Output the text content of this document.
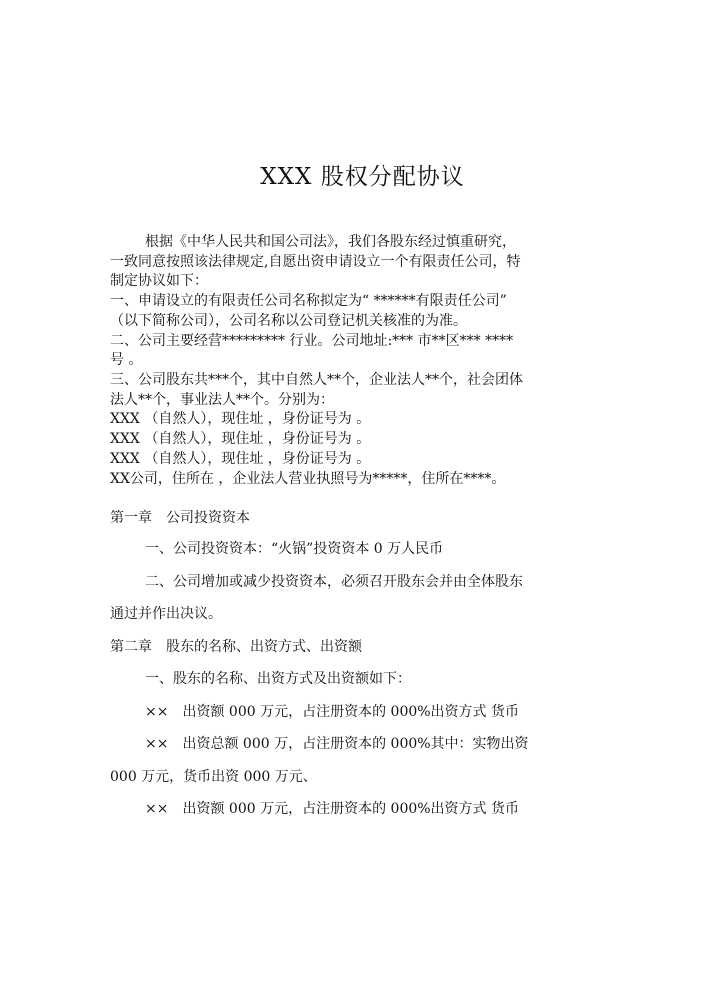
XXX 股权分配协议
根据《中华人民共和国公司法》，我们各股东经过慎重研究，
一致同意按照该法律规定,自愿出资申请设立一个有限责任公司，特
制定协议如下：
一、申请设立的有限责任公司名称拟定为“ ******有限责任公司”
（以下简称公司），公司名称以公司登记机关核准的为准。
二、公司主要经营********* 行业。公司地址:*** 市**区*** ****
号 。
三、公司股东共***个，其中自然人**个，企业法人**个，社会团体
法人**个，事业法人**个。分别为：
XXX （自然人），现住址 ，身份证号为 。
XXX （自然人），现住址 ，身份证号为 。
XXX （自然人），现住址 ，身份证号为 。
XX公司，住所在 ，企业法人营业执照号为*****，住所在****。
第一章　公司投资资本
一、公司投资资本：“火锅”投资资本 0 万人民币
二、公司增加或减少投资资本，必须召开股东会并由全体股东
通过并作出决议。
第二章　股东的名称、出资方式、出资额
一、股东的名称、出资方式及出资额如下：
××　出资额 000 万元，占注册资本的 000%出资方式 货币
××　出资总额 000 万，占注册资本的 000%其中：实物出资
000 万元，货币出资 000 万元、
××　出资额 000 万元，占注册资本的 000%出资方式 货币
